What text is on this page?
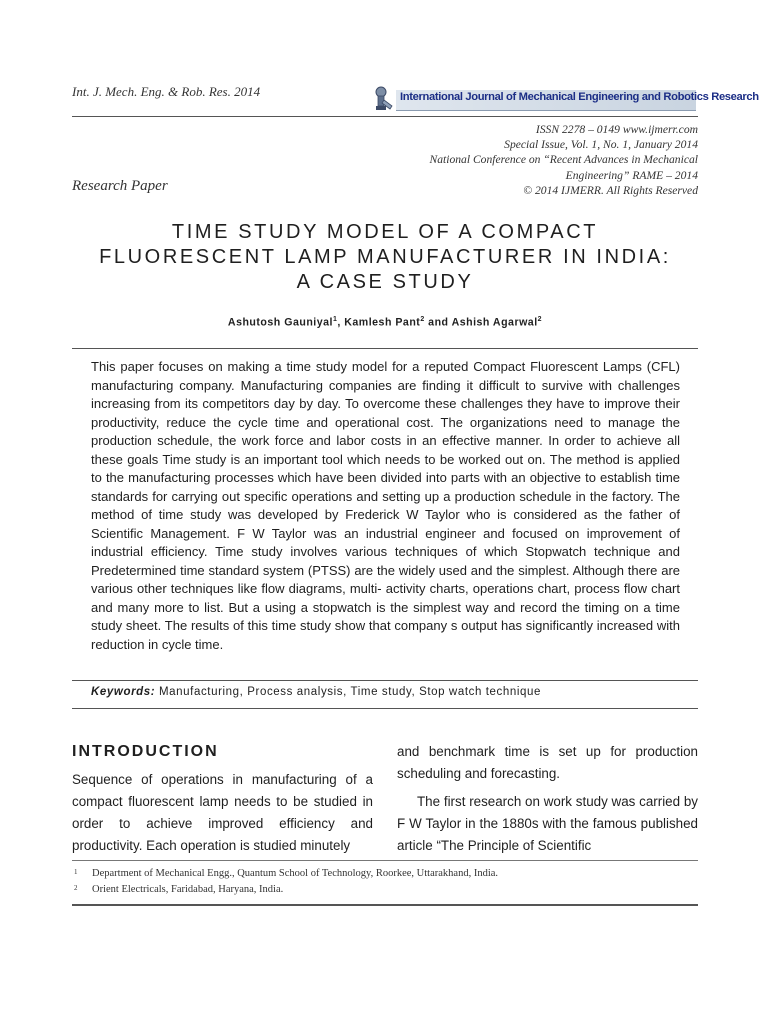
Int. J. Mech. Eng. & Rob. Res. 2014	International Journal of Mechanical Engineering and Robotics Research
ISSN 2278 – 0149 www.ijmerr.com
Special Issue, Vol. 1, No. 1, January 2014
National Conference on “Recent Advances in Mechanical
Engineering” RAME – 2014
© 2014 IJMERR. All Rights Reserved
Research Paper
TIME STUDY MODEL OF A COMPACT
FLUORESCENT LAMP MANUFACTURER IN INDIA:
A CASE STUDY
Ashutosh Gauniyal$^1$, Kamlesh Pant$^2$ and Ashish Agarwal$^2$
This paper focuses on making a time study model for a reputed Compact Fluorescent Lamps (CFL) manufacturing company. Manufacturing companies are finding it difficult to survive with challenges increasing from its competitors day by day. To overcome these challenges they have to improve their productivity, reduce the cycle time and operational cost. The organizations need to manage the production schedule, the work force and labor costs in an effective manner. In order to achieve all these goals Time study is an important tool which needs to be worked out on. The method is applied to the manufacturing processes which have been divided into parts with an objective to establish time standards for carrying out specific operations and setting up a production schedule in the factory. The method of time study was developed by Frederick W Taylor who is considered as the father of Scientific Management. F W Taylor was an industrial engineer and focused on improvement of industrial efficiency. Time study involves various techniques of which Stopwatch technique and Predetermined time standard system (PTSS) are the widely used and the simplest. Although there are various other techniques like flow diagrams, multi- activity charts, operations chart, process flow chart and many more to list. But a using a stopwatch is the simplest way and record the timing on a time study sheet. The results of this time study show that company s output has significantly increased with reduction in cycle time.
Keywords: Manufacturing, Process analysis, Time study, Stop watch technique
INTRODUCTION

Sequence of operations in manufacturing of a compact fluorescent lamp needs to be studied in order to achieve improved efficiency and productivity. Each operation is studied minutely

and benchmark time is set up for production scheduling and forecasting.

The first research on work study was carried by F W Taylor in the 1880s with the famous published article “The Principle of Scientific

1 Department of Mechanical Engg., Quantum School of Technology, Roorkee, Uttarakhand, India.
2 Orient Electricals, Faridabad, Haryana, India.
